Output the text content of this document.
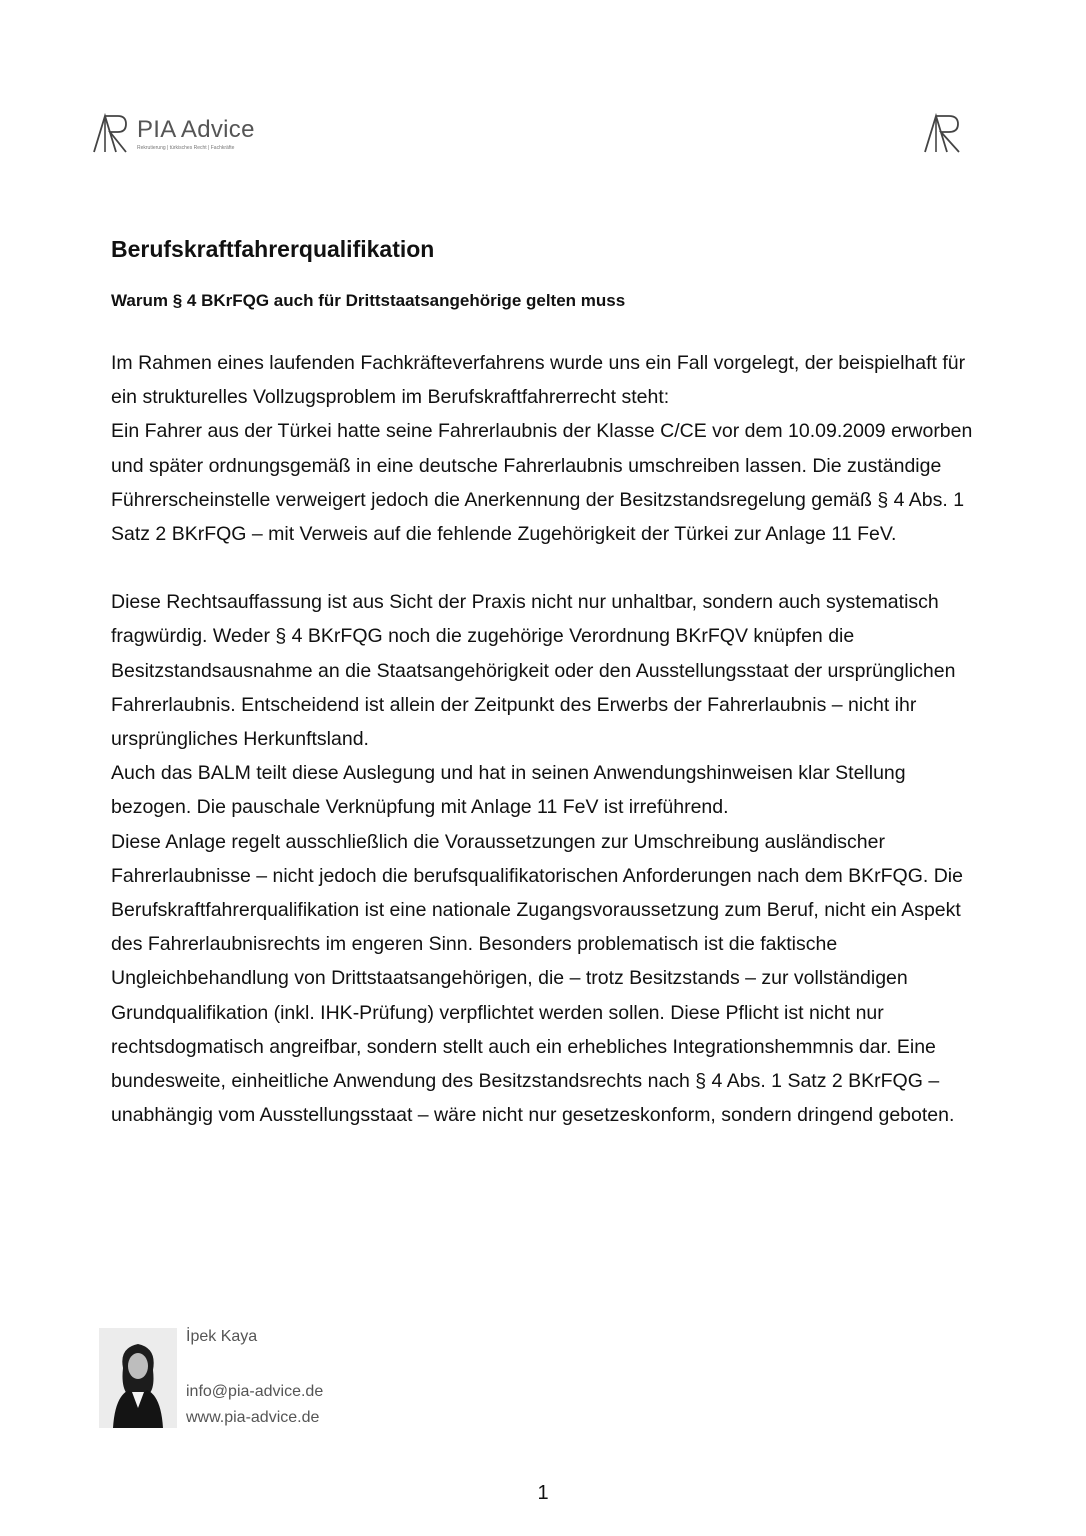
PIA Advice
Rekrutierung | türkisches Recht | Fachkräfte
Berufskraftfahrerqualifikation
Warum § 4 BKrFQG auch für Drittstaatsangehörige gelten muss

Im Rahmen eines laufenden Fachkräfteverfahrens wurde uns ein Fall vorgelegt, der beispielhaft für ein strukturelles Vollzugsproblem im Berufskraftfahrerrecht steht:

Ein Fahrer aus der Türkei hatte seine Fahrerlaubnis der Klasse C/CE vor dem 10.09.2009 erworben und später ordnungsgemäß in eine deutsche Fahrerlaubnis umschreiben lassen. Die zuständige Führerscheinstelle verweigert jedoch die Anerkennung der Besitzstandsregelung gemäß § 4 Abs. 1 Satz 2 BKrFQG – mit Verweis auf die fehlende Zugehörigkeit der Türkei zur Anlage 11 FeV.

Diese Rechtsauffassung ist aus Sicht der Praxis nicht nur unhaltbar, sondern auch systematisch fragwürdig. Weder § 4 BKrFQG noch die zugehörige Verordnung BKrFQV knüpfen die Besitzstandsausnahme an die Staatsangehörigkeit oder den Ausstellungsstaat der ursprünglichen Fahrerlaubnis. Entscheidend ist allein der Zeitpunkt des Erwerbs der Fahrerlaubnis – nicht ihr ursprüngliches Herkunftsland.

Auch das BALM teilt diese Auslegung und hat in seinen Anwendungshinweisen klar Stellung bezogen. Die pauschale Verknüpfung mit Anlage 11 FeV ist irreführend.

Diese Anlage regelt ausschließlich die Voraussetzungen zur Umschreibung ausländischer Fahrerlaubnisse – nicht jedoch die berufsqualifikatorischen Anforderungen nach dem BKrFQG. Die Berufskraftfahrerqualifikation ist eine nationale Zugangsvoraussetzung zum Beruf, nicht ein Aspekt des Fahrerlaubnisrechts im engeren Sinn. Besonders problematisch ist die faktische Ungleichbehandlung von Drittstaatsangehörigen, die – trotz Besitzstands – zur vollständigen Grundqualifikation (inkl. IHK-Prüfung) verpflichtet werden sollen. Diese Pflicht ist nicht nur rechtsdogmatisch angreifbar, sondern stellt auch ein erhebliches Integrationshemmnis dar. Eine bundesweite, einheitliche Anwendung des Besitzstandsrechts nach § 4 Abs. 1 Satz 2 BKrFQG – unabhängig vom Ausstellungsstaat – wäre nicht nur gesetzeskonform, sondern dringend geboten.

İpek Kaya
info@pia-advice.de
www.pia-advice.de
1
